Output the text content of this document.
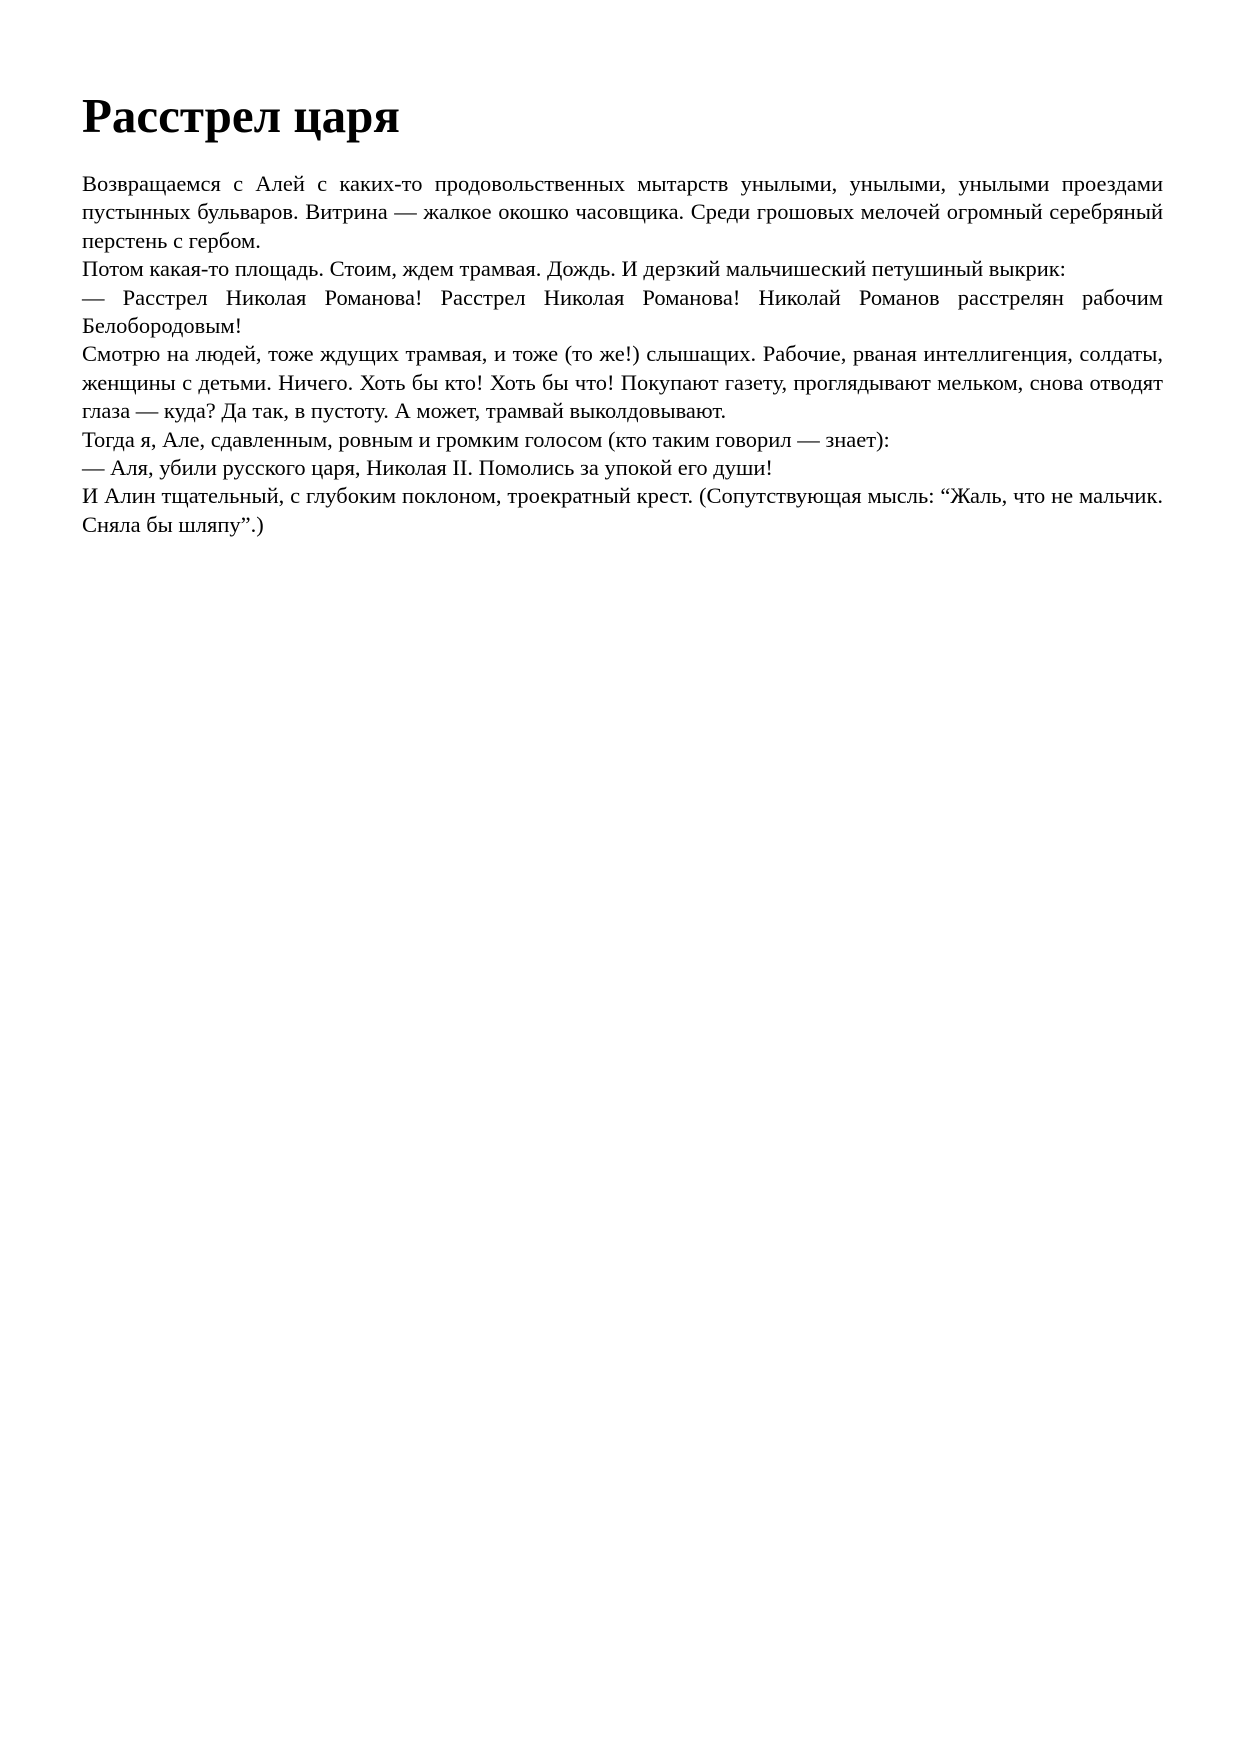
Расстрел царя

Возвращаемся с Алей с каких-то продовольственных мытарств унылыми, унылыми, унылыми проездами пустынных бульваров. Витрина — жалкое окошко часовщика. Среди грошовых мелочей огромный серебряный перстень с гербом.

Потом какая-то площадь. Стоим, ждем трамвая. Дождь. И дерзкий мальчишеский петушиный выкрик:

— Расстрел Николая Романова! Расстрел Николая Романова! Николай Романов расстрелян рабочим Белобородовым!

Смотрю на людей, тоже ждущих трамвая, и тоже (то же!) слышащих. Рабочие, рваная интеллигенция, солдаты, женщины с детьми. Ничего. Хоть бы кто! Хоть бы что! Покупают газету, проглядывают мельком, снова отводят глаза — куда? Да так, в пустоту. А может, трамвай выколдовывают.

Тогда я, Але, сдавленным, ровным и громким голосом (кто таким говорил — знает):

— Аля, убили русского царя, Николая II. Помолись за упокой его души!

И Алин тщательный, с глубоким поклоном, троекратный крест. (Сопутствующая мысль: “Жаль, что не мальчик. Сняла бы шляпу”.)
